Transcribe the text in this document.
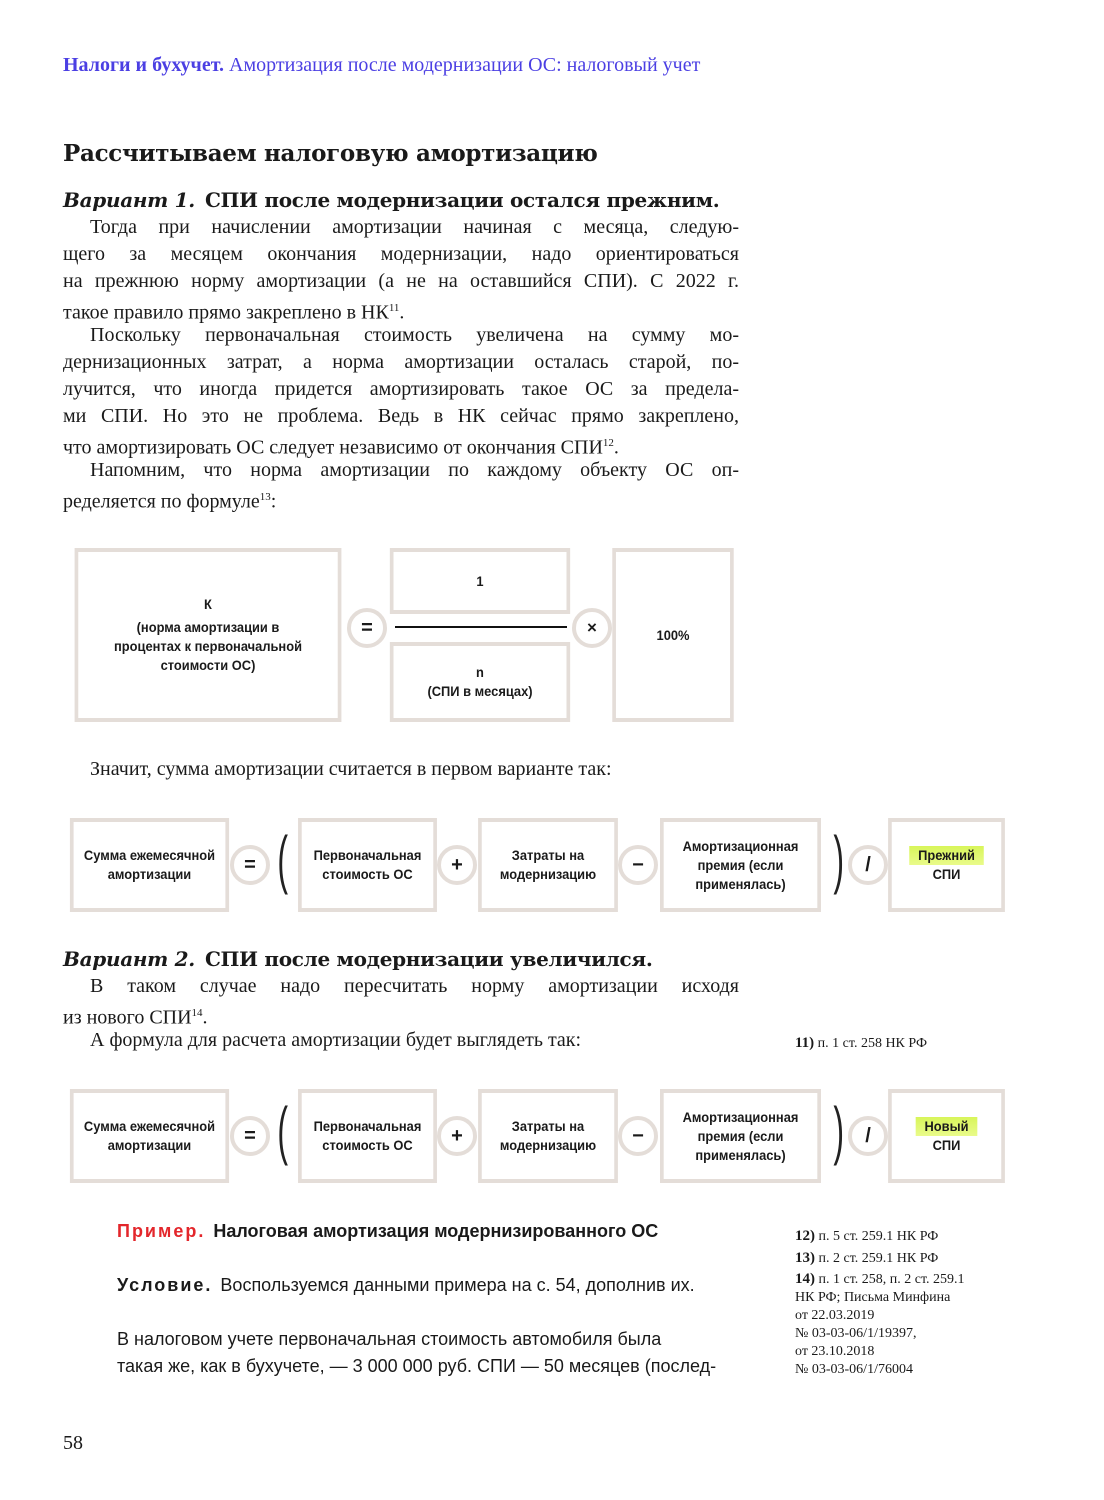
Налоги и бухучет. Амортизация после модернизации ОС: налоговый учет
Рассчитываем налоговую амортизацию
Вариант 1. СПИ после модернизации остался прежним.
Тогда при начислении амортизации начиная с месяца, следую-
щего за месяцем окончания модернизации, надо ориентироваться
на прежнюю норму амортизации (а не на оставшийся СПИ). С 2022 г.
такое правило прямо закреплено в НК$^{11}$.
Поскольку первоначальная стоимость увеличена на сумму мо-
дернизационных затрат, а норма амортизации осталась старой, по-
лучится, что иногда придется амортизировать такое ОС за предела-
ми СПИ. Но это не проблема. Ведь в НК сейчас прямо закреплено,
что амортизировать ОС следует независимо от окончания СПИ$^{12}$.
Напомним, что норма амортизации по каждому объекту ОС оп-
ределяется по формуле$^{13}$:
К
(норма амортизации в процентах к первоначальной стоимости ОС)
1
n
(СПИ в месяцах)
=	×	100%
Значит, сумма амортизации считается в первом варианте так:
Сумма ежемесячной амортизации	= (	Первоначальная стоимость ОС	+	Затраты на модернизацию	−
Амортизационная премия (если применялась) )	/	Прежний
СПИ
Вариант 2. СПИ после модернизации увеличился.
В таком случае надо пересчитать норму амортизации исходя
из нового СПИ$^{14}$.
А формула для расчета амортизации будет выглядеть так:	11) п. 1 ст. 258 НК РФ
Сумма ежемесячной амортизации	= (	Первоначальная стоимость ОС	+	Затраты на модернизацию	−
Амортизационная премия (если применялась) )	/	Новый
СПИ
Пример. Налоговая амортизация модернизированного ОС
Условие. Воспользуемся данными примера на с. 54, дополнив их.
В налоговом учете первоначальная стоимость автомобиля была
такая же, как в бухучете, — 3 000 000 руб. СПИ — 50 месяцев (послед-
12) п. 5 ст. 259.1 НК РФ
13) п. 2 ст. 259.1 НК РФ
14) п. 1 ст. 258, п. 2 ст. 259.1
НК РФ; Письма Минфина
от 22.03.2019
№ 03-03-06/1/19397,
от 23.10.2018
№ 03-03-06/1/76004
58
